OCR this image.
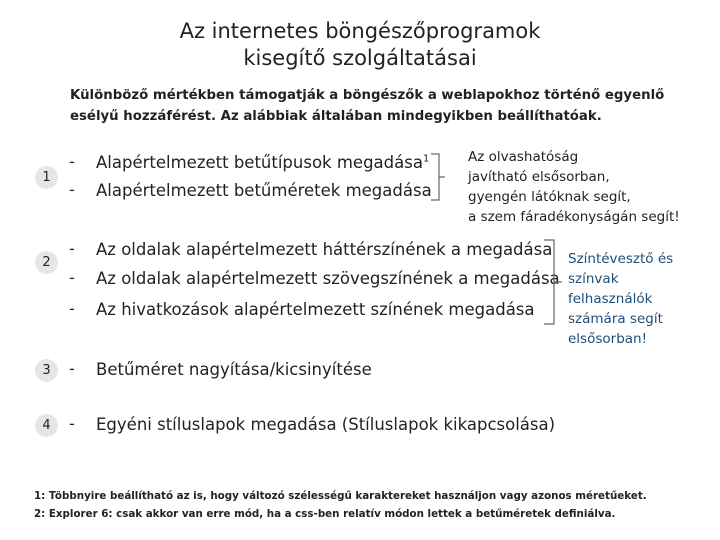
Az internetes böngészőprogramok
kisegítő szolgáltatásai
Különböző mértékben támogatják a böngészők a weblapokhoz történő egyenlő esélyű hozzáférést. Az alábbiak általában mindegyikben beállíthatóak.
1
-
-
Alapértelmezett betűtípusok megadása$^1$
Alapértelmezett betűméretek megadása
Az olvashatóság
javítható elsősorban,
gyengén látóknak segít,
a szem fáradékonyságán segít!
2
-
-
-
Az oldalak alapértelmezett háttérszínének a megadása
Az oldalak alapértelmezett szövegszínének a megadása
Az hivatkozások alapértelmezett színének megadása
Színtévesztő és
színvak
felhasználók
számára segít
elsősorban!
3	- Betűméret nagyítása/kicsinyítése
4	- Egyéni stíluslapok megadása (Stíluslapok kikapcsolása)
1: Többnyire beállítható az is, hogy változó szélességű karaktereket használjon vagy azonos méretűeket.
2: Explorer 6: csak akkor van erre mód, ha a css-ben relatív módon lettek a betűméretek definiálva.
